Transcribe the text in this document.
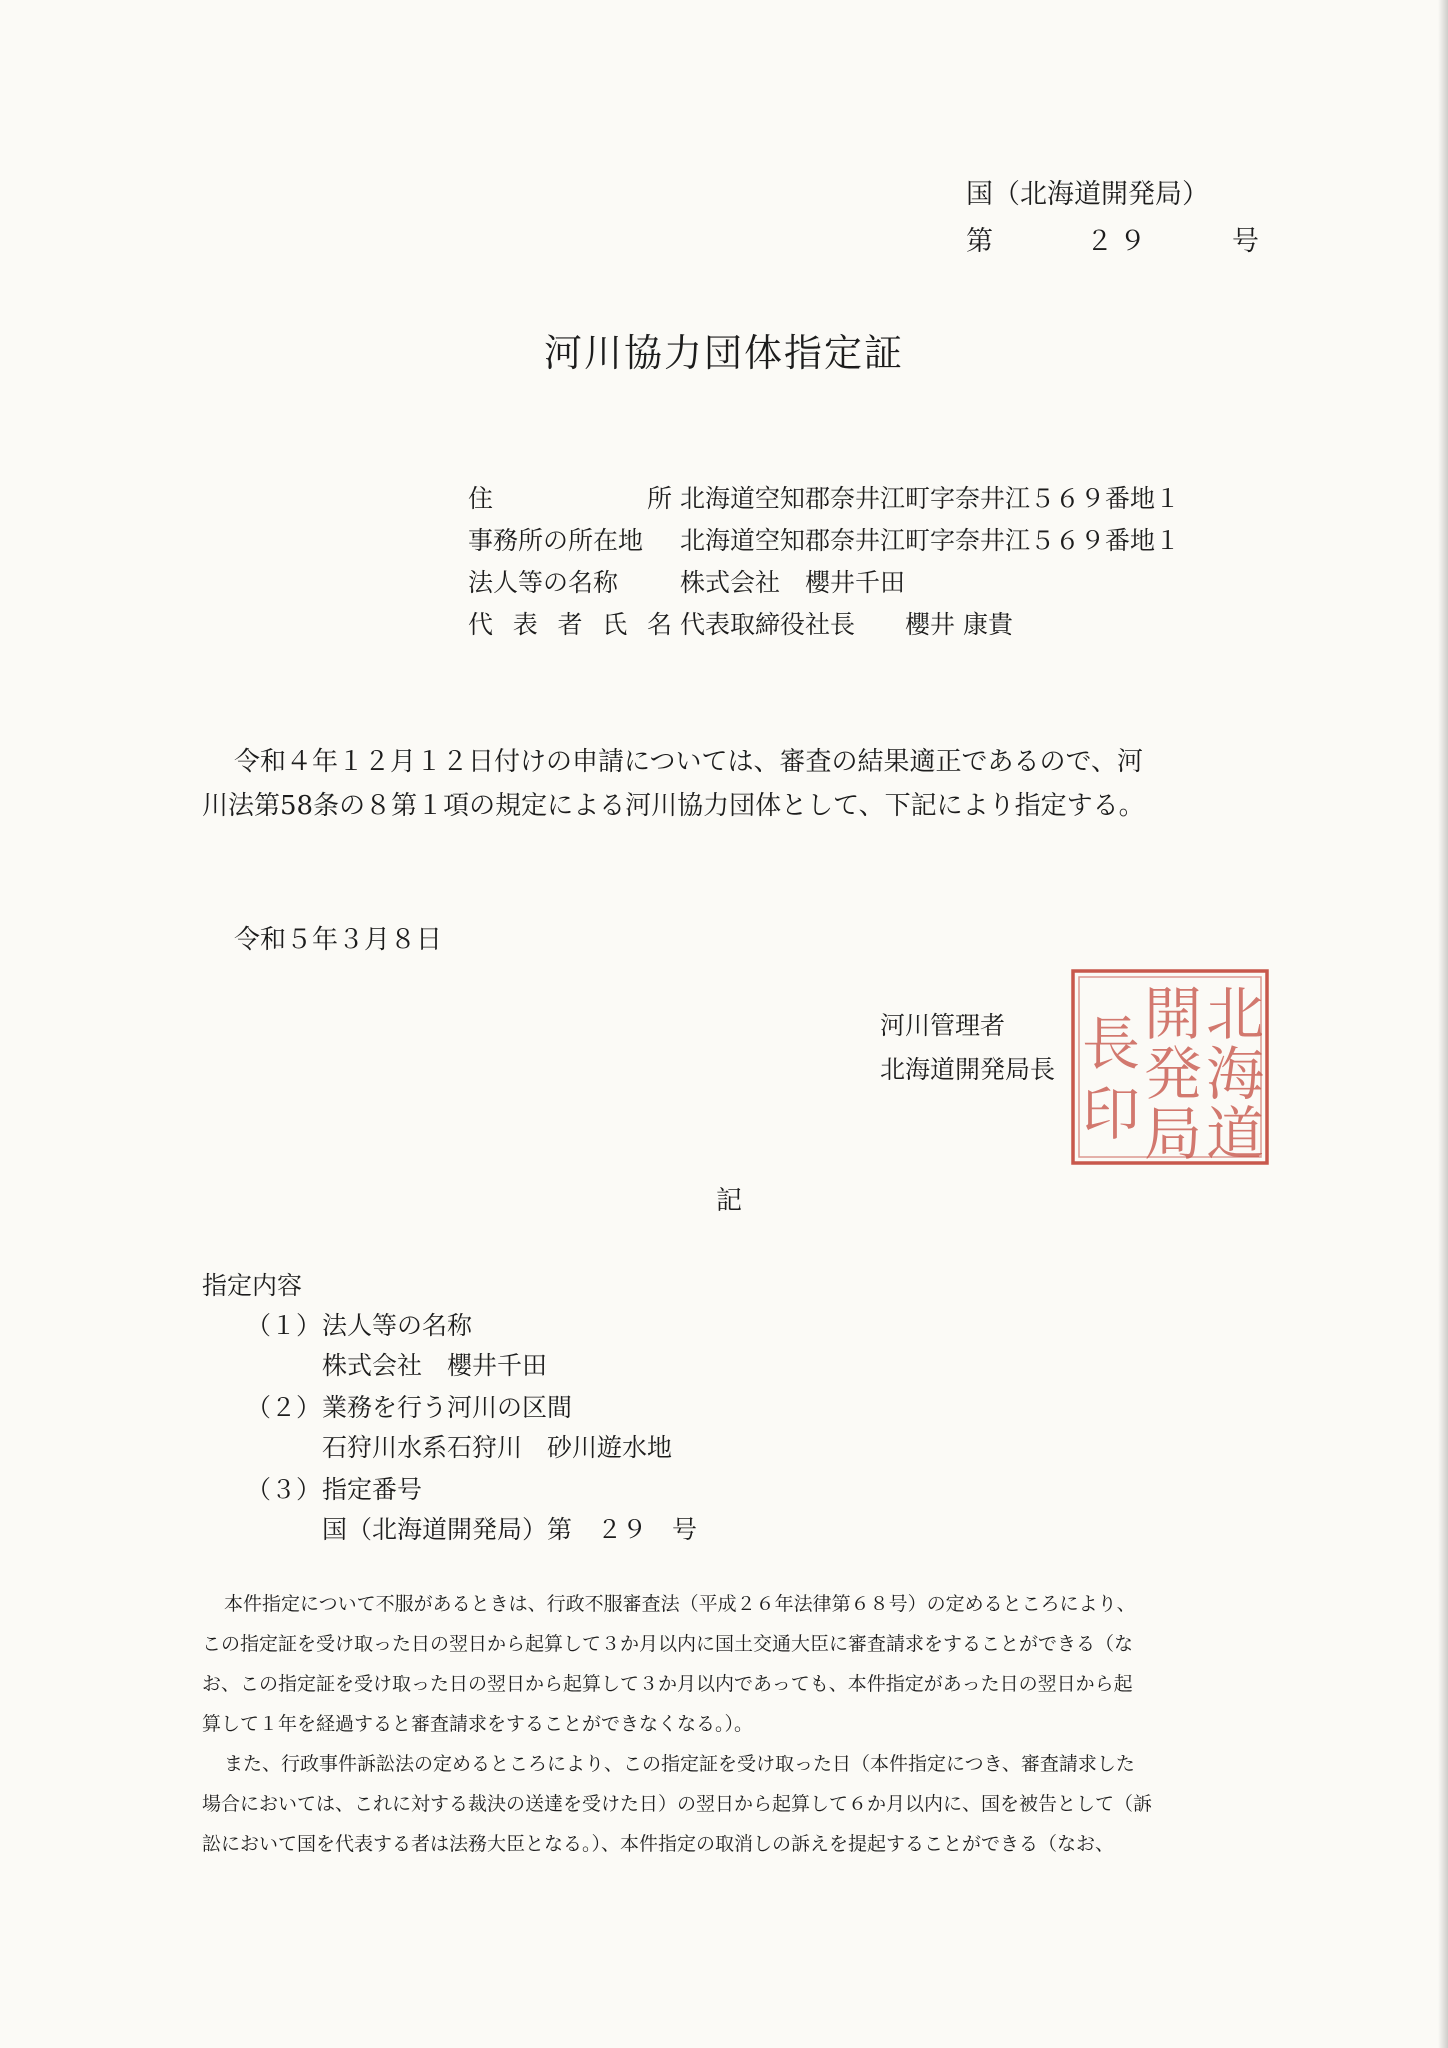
国（北海道開発局）
第	２９	号
河川協力団体指定証
住　所 北海道空知郡奈井江町字奈井江５６９番地１
事務所の所在地	北海道空知郡奈井江町字奈井江５６９番地１
法人等の名称	株式会社　櫻井千田
代表者氏名 代表取締役社長　　櫻井 康貴
令和４年１２月１２日付けの申請については、審査の結果適正であるので、河
川法第58条の８第１項の規定による河川協力団体として、下記により指定する。
令和５年３月８日
河川管理者
北海道開発局長
北海道 開発局 長印
記
指定内容
（１） 法人等の名称
株式会社　櫻井千田
（２） 業務を行う河川の区間
石狩川水系石狩川　砂川遊水地
（３） 指定番号
国（北海道開発局）第　２９　号
本件指定について不服があるときは、行政不服審査法（平成２６年法律第６８号）の定めるところにより、
この指定証を受け取った日の翌日から起算して３か月以内に国土交通大臣に審査請求をすることができる（な
お、この指定証を受け取った日の翌日から起算して３か月以内であっても、本件指定があった日の翌日から起
算して１年を経過すると審査請求をすることができなくなる。）。
また、行政事件訴訟法の定めるところにより、この指定証を受け取った日（本件指定につき、審査請求した
場合においては、これに対する裁決の送達を受けた日）の翌日から起算して６か月以内に、国を被告として（訴
訟において国を代表する者は法務大臣となる。）、本件指定の取消しの訴えを提起することができる（なお、
